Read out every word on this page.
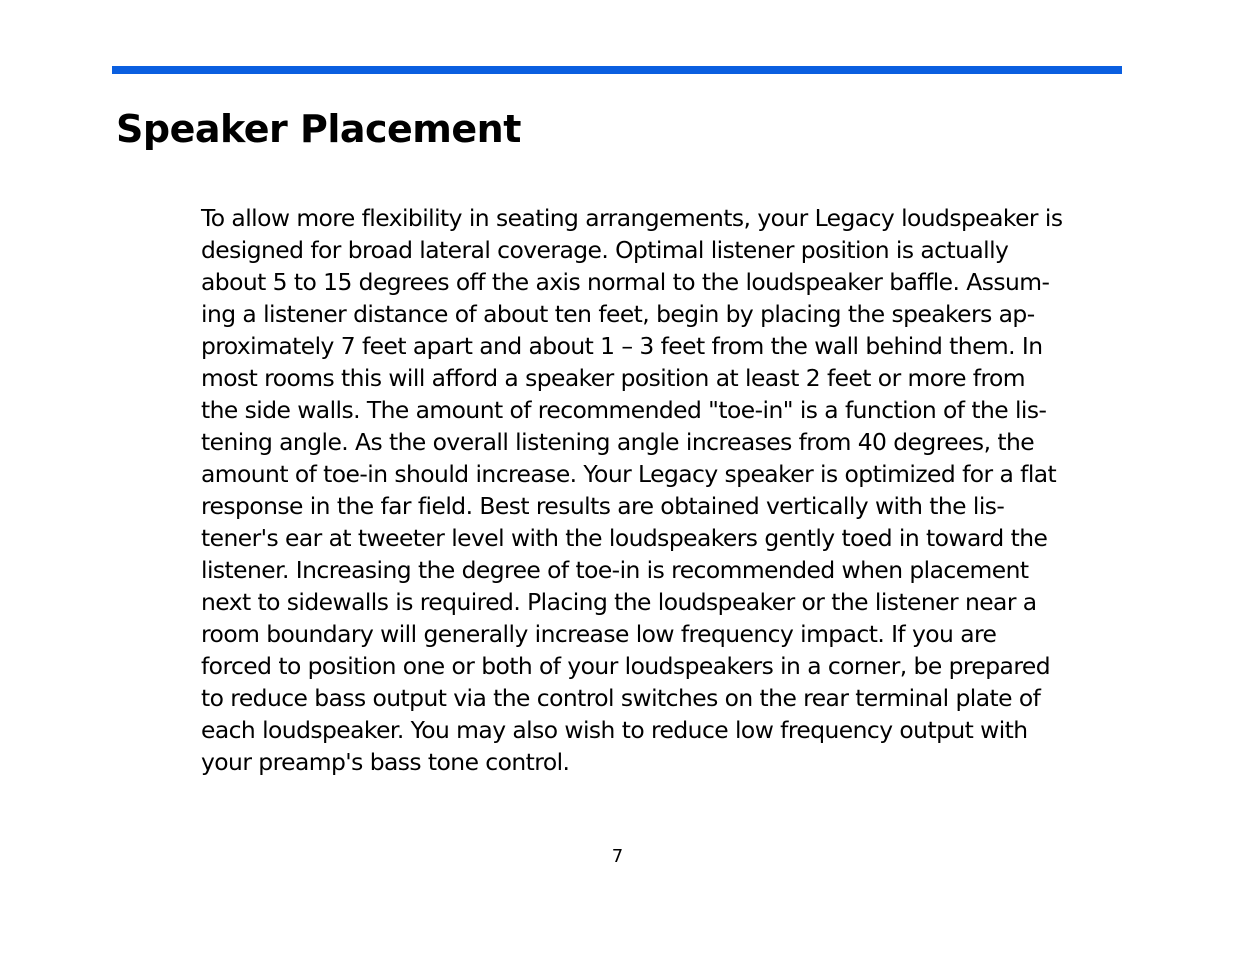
Speaker Placement

To allow more flexibility in seating arrangements, your Legacy loudspeaker is
designed for broad lateral coverage. Optimal listener position is actually
about 5 to 15 degrees off the axis normal to the loudspeaker baffle. Assum-
ing a listener distance of about ten feet, begin by placing the speakers ap-
proximately 7 feet apart and about 1 – 3 feet from the wall behind them. In
most rooms this will afford a speaker position at least 2 feet or more from
the side walls. The amount of recommended "toe-in" is a function of the lis-
tening angle. As the overall listening angle increases from 40 degrees, the
amount of toe-in should increase. Your Legacy speaker is optimized for a flat
response in the far field. Best results are obtained vertically with the lis-
tener's ear at tweeter level with the loudspeakers gently toed in toward the
listener. Increasing the degree of toe-in is recommended when placement
next to sidewalls is required. Placing the loudspeaker or the listener near a
room boundary will generally increase low frequency impact. If you are
forced to position one or both of your loudspeakers in a corner, be prepared
to reduce bass output via the control switches on the rear terminal plate of
each loudspeaker. You may also wish to reduce low frequency output with
your preamp's bass tone control.

7
